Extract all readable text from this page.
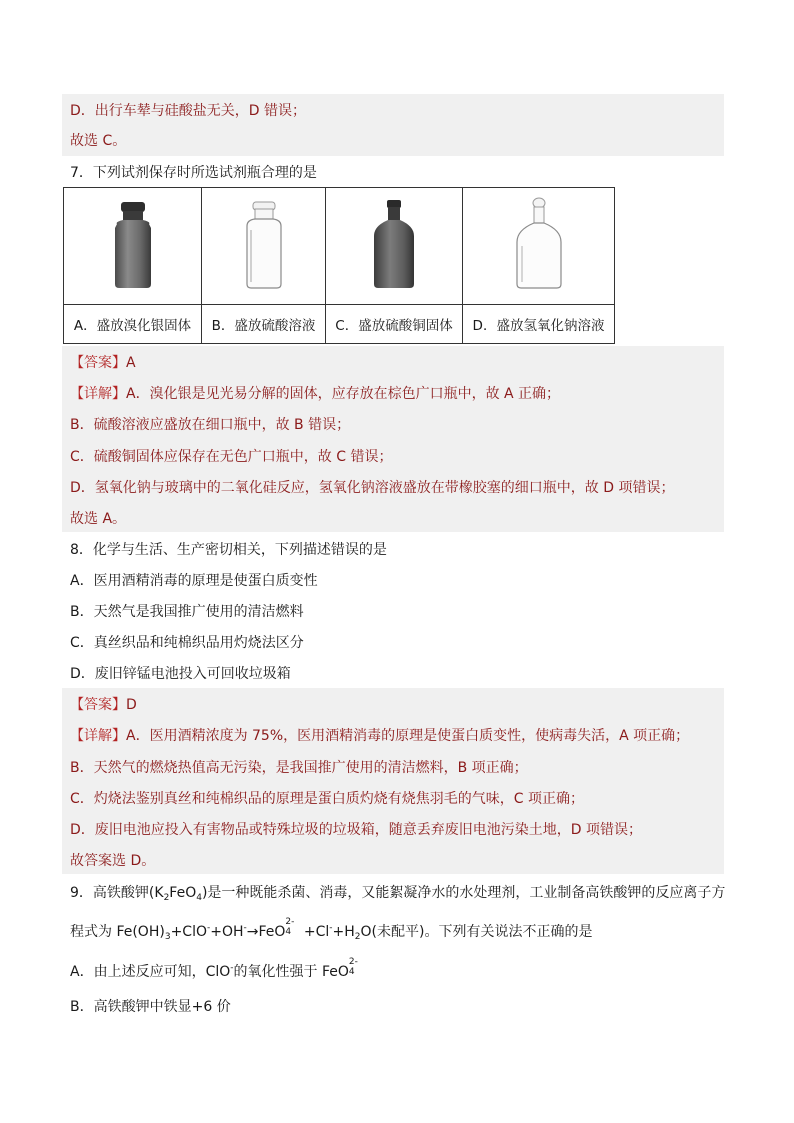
D．出行车辇与硅酸盐无关，D 错误；
故选 C。
7．下列试剂保存时所选试剂瓶合理的是

A．盛放溴化银固体	B．盛放硫酸溶液	C．盛放硫酸铜固体	D．盛放氢氧化钠溶液
【答案】A
【详解】A．溴化银是见光易分解的固体，应存放在棕色广口瓶中，故 A 正确；
B．硫酸溶液应盛放在细口瓶中，故 B 错误；
C．硫酸铜固体应保存在无色广口瓶中，故 C 错误；
D．氢氧化钠与玻璃中的二氧化硅反应，氢氧化钠溶液盛放在带橡胶塞的细口瓶中，故 D 项错误；
故选 A。
8．化学与生活、生产密切相关，下列描述错误的是
A．医用酒精消毒的原理是使蛋白质变性
B．天然气是我国推广使用的清洁燃料
C．真丝织品和纯棉织品用灼烧法区分
D．废旧锌锰电池投入可回收垃圾箱
【答案】D
【详解】A．医用酒精浓度为 75%，医用酒精消毒的原理是使蛋白质变性，使病毒失活，A 项正确；
B．天然气的燃烧热值高无污染，是我国推广使用的清洁燃料，B 项正确；
C．灼烧法鉴别真丝和纯棉织品的原理是蛋白质灼烧有烧焦羽毛的气味，C 项正确；
D．废旧电池应投入有害物品或特殊垃圾的垃圾箱，随意丢弃废旧电池污染土地，D 项错误；
故答案选 D。
9．高铁酸钾$(K_2FeO_4)$是一种既能杀菌、消毒，又能絮凝净水的水处理剂，工业制备高铁酸钾的反应离子方
程式为 $Fe(OH)_3+ClO^-+OH^-\to FeO$
2-
$4 +Cl^-+H_2O$(未配平)。下列有关说法不正确的是
A．由上述反应可知，ClO-的氧化性强于 FeO
2-
4
B．高铁酸钾中铁显+6 价
